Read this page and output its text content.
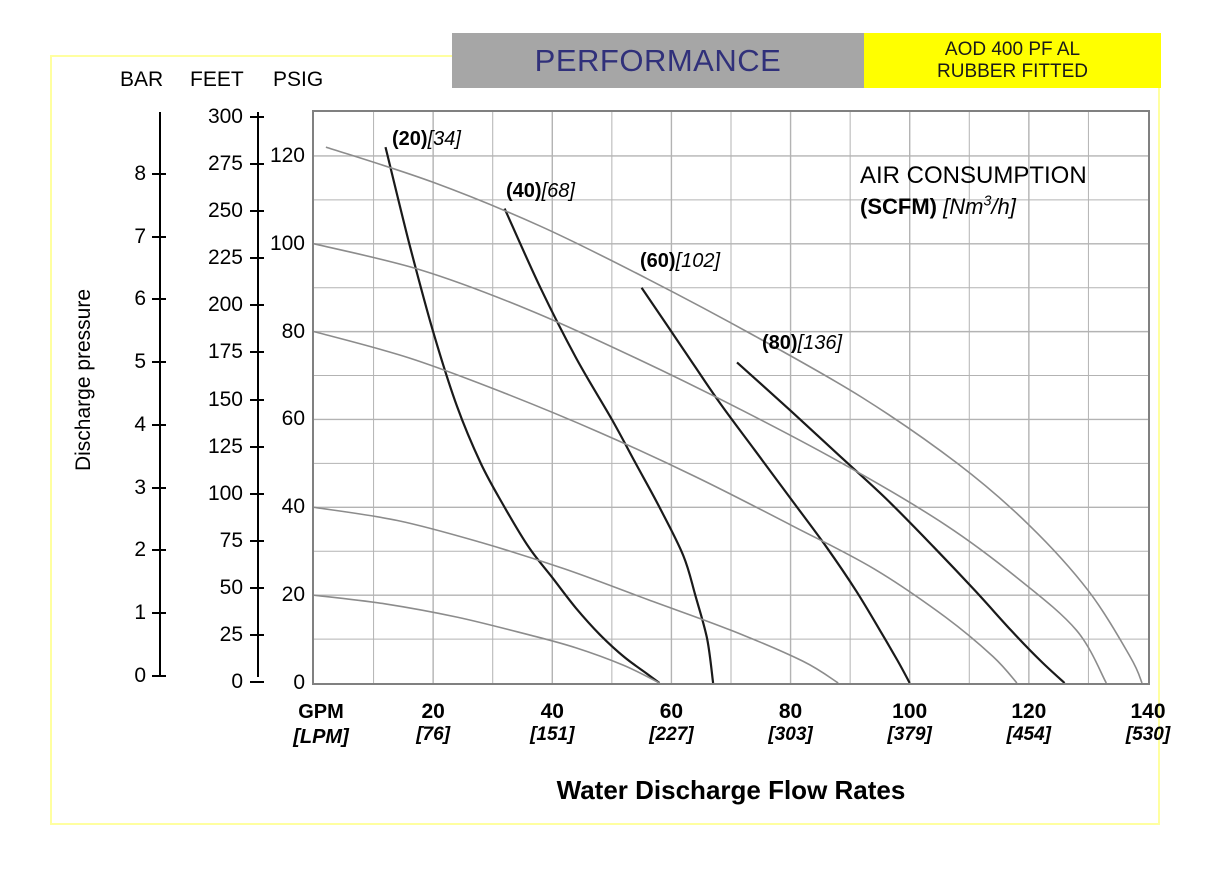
PERFORMANCE	AOD 400 PF AL
RUBBER FITTED
BAR FEET PSIG
Discharge pressure
0
1
2
3
4
5
6
7
8
0
25
50
75
100
125
150
175
200
225
250
275
300
0
20
40
60
80
100
120
AIR CONSUMPTION
(SCFM) [Nm$^3$/h]
(20)[34]
(40)[68]
(60)[102]
(80)[136]
20
[76]
40
[151]
60
[227]
80
[303]
100
[379]
120
[454]
140
[530]
GPM
[LPM]
Water Discharge Flow Rates
